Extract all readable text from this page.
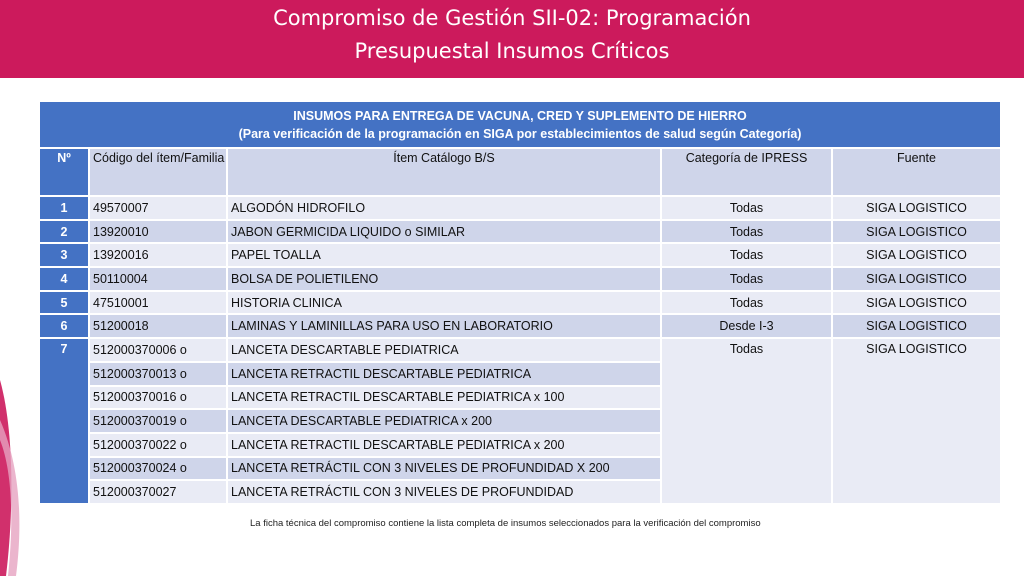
Compromiso de Gestión SII-02: Programación
Presupuestal Insumos Críticos
INSUMOS PARA ENTREGA DE VACUNA, CRED Y SUPLEMENTO DE HIERRO
(Para verificación de la programación en SIGA por establecimientos de salud según Categoría)				

Nº	Código del ítem/Familia	Ítem Catálogo B/S	Categoría de IPRESS	Fuente
1	49570007	ALGODÓN HIDROFILO	Todas	SIGA LOGISTICO
2	13920010	JABON GERMICIDA LIQUIDO o SIMILAR	Todas	SIGA LOGISTICO
3	13920016	PAPEL TOALLA	Todas	SIGA LOGISTICO
4	50110004	BOLSA DE POLIETILENO	Todas	SIGA LOGISTICO
5	47510001	HISTORIA CLINICA	Todas	SIGA LOGISTICO
6	51200018	LAMINAS Y LAMINILLAS PARA USO EN LABORATORIO	Desde I-3	SIGA LOGISTICO
7	512000370006 o	LANCETA DESCARTABLE PEDIATRICA	Todas	SIGA LOGISTICO
	512000370013 o	LANCETA RETRACTIL DESCARTABLE PEDIATRICA		
	512000370016 o	LANCETA RETRACTIL DESCARTABLE PEDIATRICA x 100		
	512000370019 o	LANCETA DESCARTABLE PEDIATRICA x 200		
	512000370022 o	LANCETA RETRACTIL DESCARTABLE PEDIATRICA x 200		
	512000370024 o	LANCETA RETRÁCTIL CON 3 NIVELES DE PROFUNDIDAD X 200		
	512000370027	LANCETA RETRÁCTIL CON 3 NIVELES DE PROFUNDIDAD		
La ficha técnica del compromiso contiene la lista completa de insumos seleccionados para la verificación del compromiso
